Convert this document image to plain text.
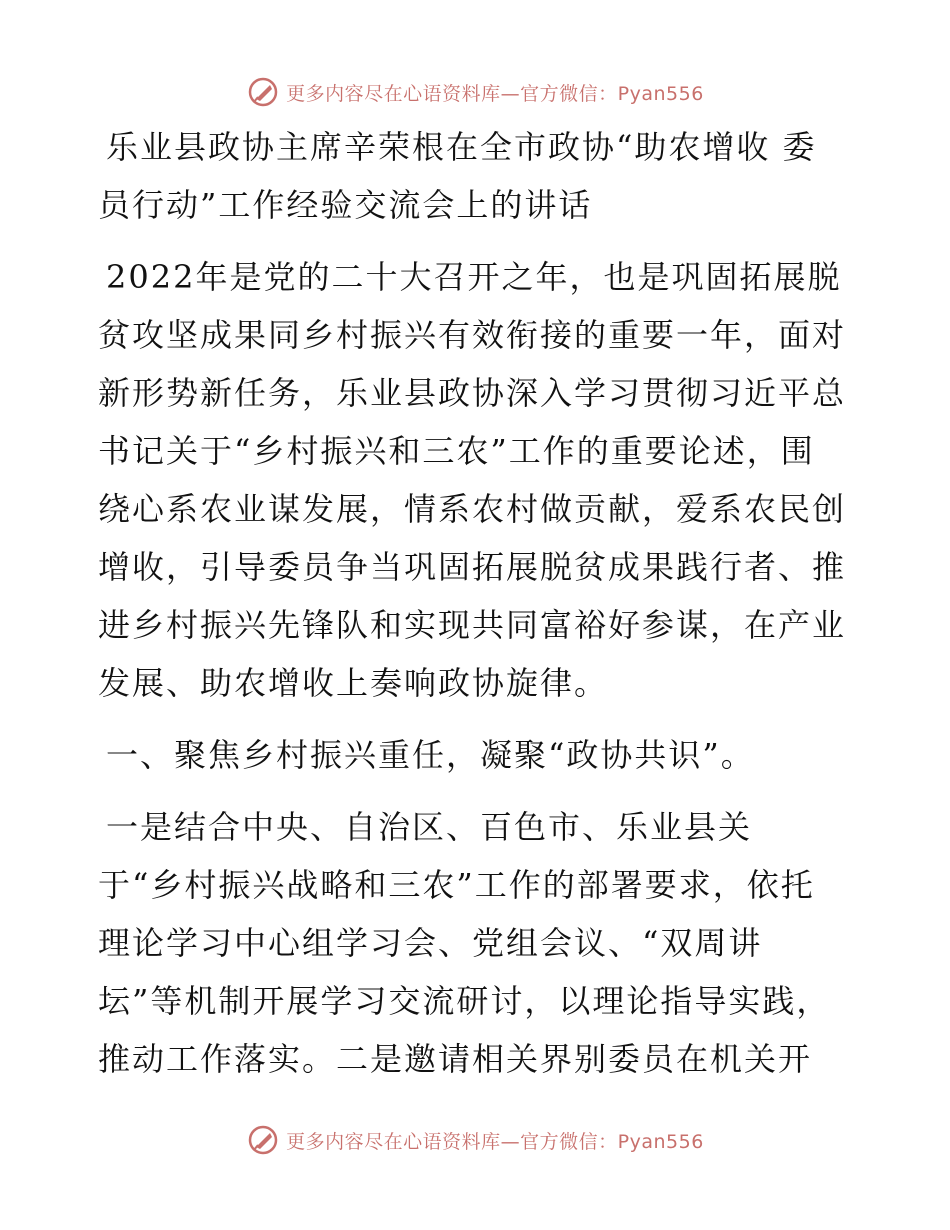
更多内容尽在心语资料库—官方微信：Pyan556
乐业县政协主席辛荣根在全市政协“助农增收 委
员行动”工作经验交流会上的讲话
2022年是党的二十大召开之年，也是巩固拓展脱
贫攻坚成果同乡村振兴有效衔接的重要一年，面对
新形势新任务，乐业县政协深入学习贯彻习近平总
书记关于“乡村振兴和三农”工作的重要论述，围
绕心系农业谋发展，情系农村做贡献，爱系农民创
增收，引导委员争当巩固拓展脱贫成果践行者、推
进乡村振兴先锋队和实现共同富裕好参谋，在产业
发展、助农增收上奏响政协旋律。
一、聚焦乡村振兴重任，凝聚“政协共识”。
一是结合中央、自治区、百色市、乐业县关
于“乡村振兴战略和三农”工作的部署要求，依托
理论学习中心组学习会、党组会议、“双周讲
坛”等机制开展学习交流研讨，以理论指导实践，
推动工作落实。二是邀请相关界别委员在机关开
更多内容尽在心语资料库—官方微信：Pyan556
